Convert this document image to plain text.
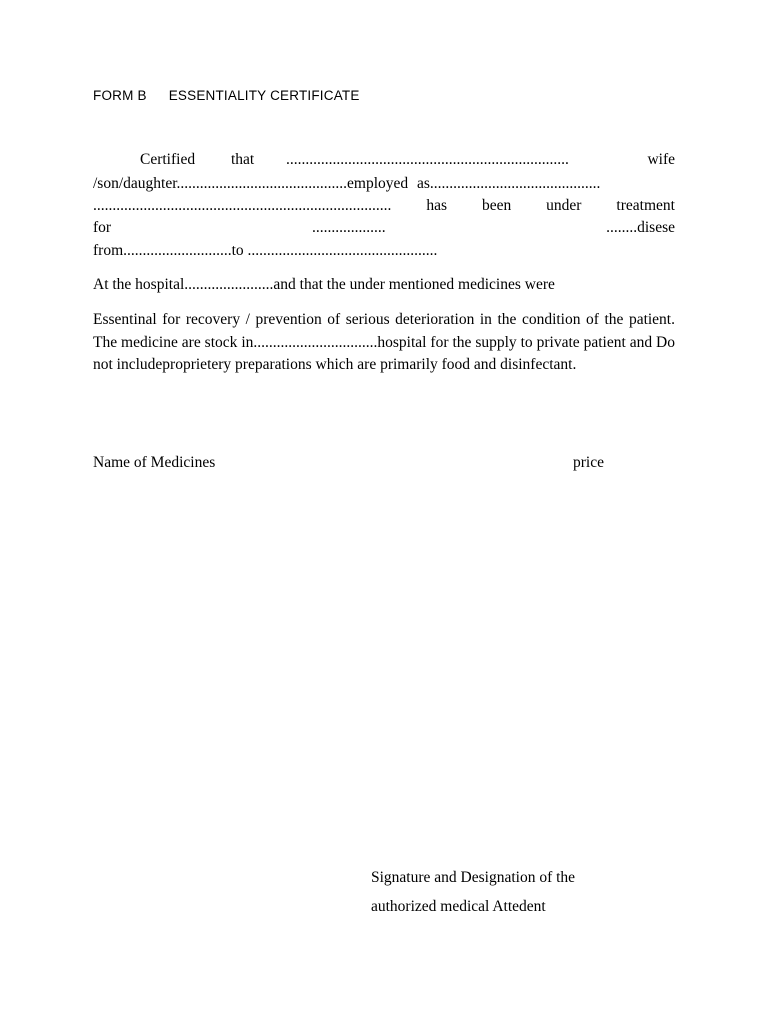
FORM B ESSENTIALITY CERTIFICATE
Certified that .........................................................................	wife
/son/daughter............................................employed as............................................
............................................................................. has been under treatment
for	...................	........disese
from............................to .................................................
At the hospital.......................and that the under mentioned medicines were
Essentinal for recovery / prevention of serious deterioration in the condition of the patient. The medicine are stock in................................hospital for the supply to private patient and Do not includeproprietery preparations which are primarily food and disinfectant.
Name of Medicines	price
Signature and Designation of the
authorized medical Attedent
